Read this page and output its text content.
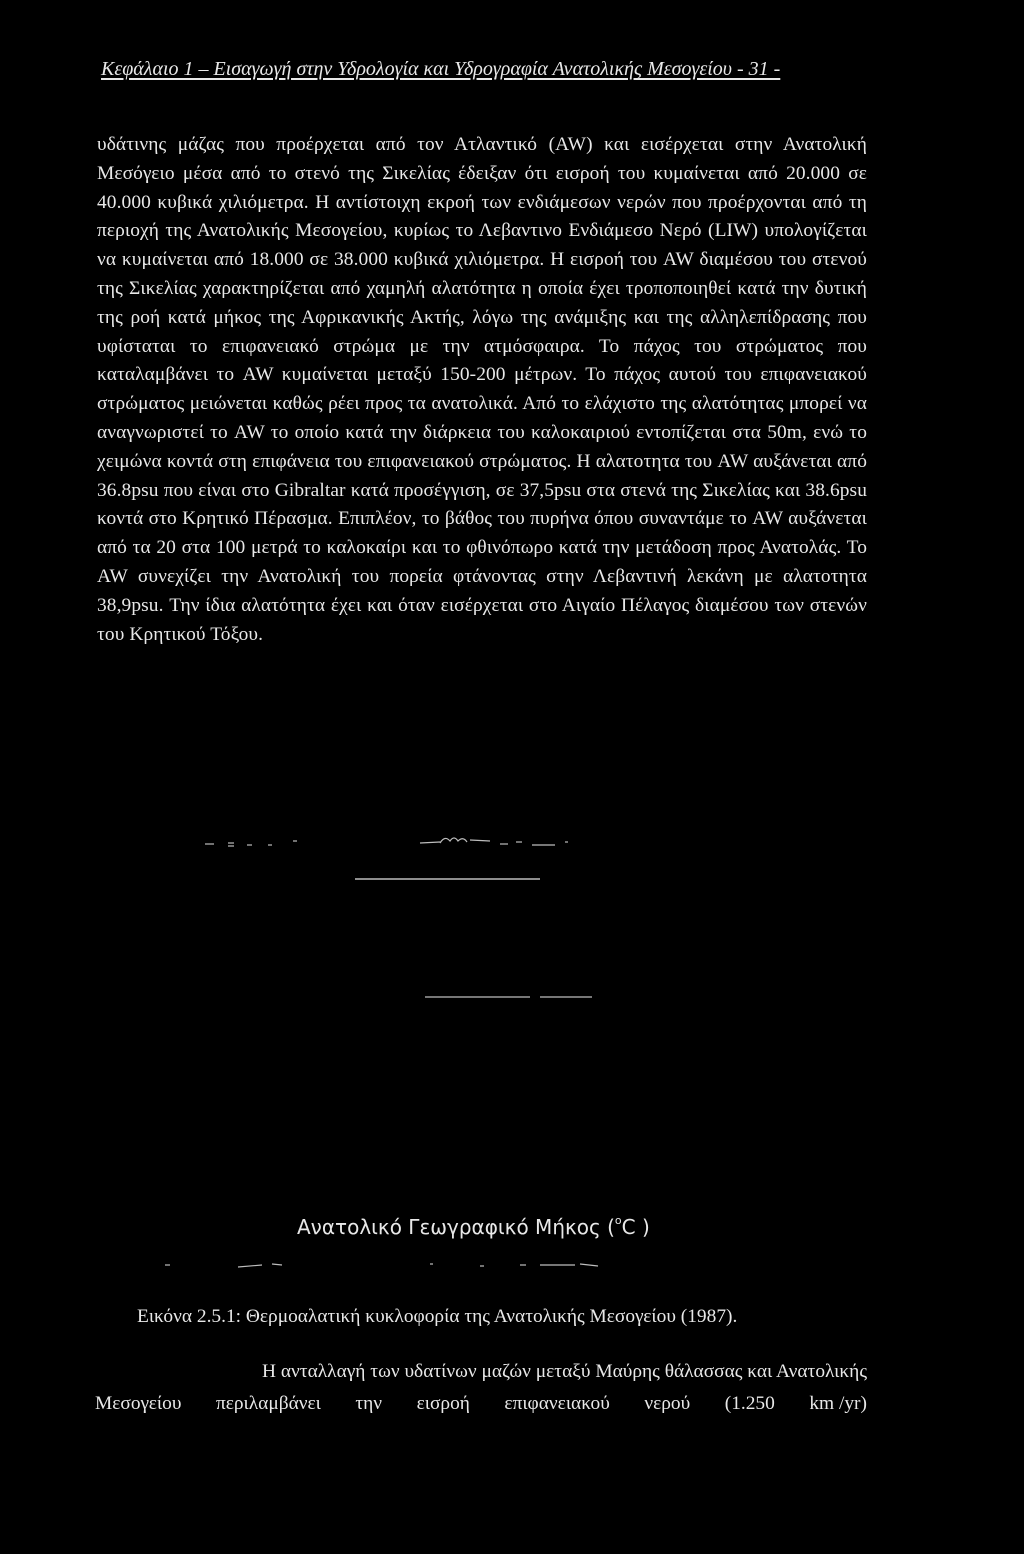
Κεφάλαιο 1 – Εισαγωγή στην Υδρολογία και Υδρογραφία Ανατολικής Μεσογείου - 31 -

υδάτινης μάζας που προέρχεται από τον Ατλαντικό (AW) και εισέρχεται στην Ανατολική Μεσόγειο μέσα από το στενό της Σικελίας έδειξαν ότι εισροή του κυμαίνεται από 20.000 σε 40.000 κυβικά χιλιόμετρα. Η αντίστοιχη εκροή των ενδιάμεσων νερών που προέρχονται από τη περιοχή της Ανατολικής Μεσογείου, κυρίως το Λεβαντινο Ενδιάμεσο Νερό (LIW) υπολογίζεται να κυμαίνεται από 18.000 σε 38.000 κυβικά χιλιόμετρα. Η εισροή του AW διαμέσου του στενού της Σικελίας χαρακτηρίζεται από χαμηλή αλατότητα η οποία έχει τροποποιηθεί κατά την δυτική της ροή κατά μήκος της Αφρικανικής Ακτής, λόγω της ανάμιξης και της αλληλεπίδρασης που υφίσταται το επιφανειακό στρώμα με την ατμόσφαιρα. Το πάχος του στρώματος που καταλαμβάνει το AW κυμαίνεται μεταξύ 150-200 μέτρων. Το πάχος αυτού του επιφανειακού στρώματος μειώνεται καθώς ρέει προς τα ανατολικά. Από το ελάχιστο της αλατότητας μπορεί να αναγνωριστεί το AW το οποίο κατά την διάρκεια του καλοκαιριού εντοπίζεται στα 50m, ενώ το χειμώνα κοντά στη επιφάνεια του επιφανειακού στρώματος. Η αλατοτητα του AW αυξάνεται από 36.8psu που είναι στο Gibraltar κατά προσέγγιση, σε 37,5psu στα στενά της Σικελίας και 38.6psu κοντά στο Κρητικό Πέρασμα. Επιπλέον, το βάθος του πυρήνα όπου συναντάμε το AW αυξάνεται από τα 20 στα 100 μετρά το καλοκαίρι και το φθινόπωρο κατά την μετάδοση προς Ανατολάς. Το AW συνεχίζει την Ανατολική του πορεία φτάνοντας στην Λεβαντινή λεκάνη με αλατοτητα 38,9psu. Την ίδια αλατότητα έχει και όταν εισέρχεται στο Αιγαίο Πέλαγος διαμέσου των στενών του Κρητικού Τόξου.

Ανατολικό Γεωγραφικό Μήκος ($^o$C )
Εικόνα 2.5.1: Θερμοαλατική κυκλοφορία της Ανατολικής Μεσογείου (1987).
Η ανταλλαγή των υδατίνων μαζών μεταξύ Μαύρης θάλασσας και Ανατολικής
Μεσογείου περιλαμβάνει την εισροή επιφανειακού νερού (1.250 km /yr)
